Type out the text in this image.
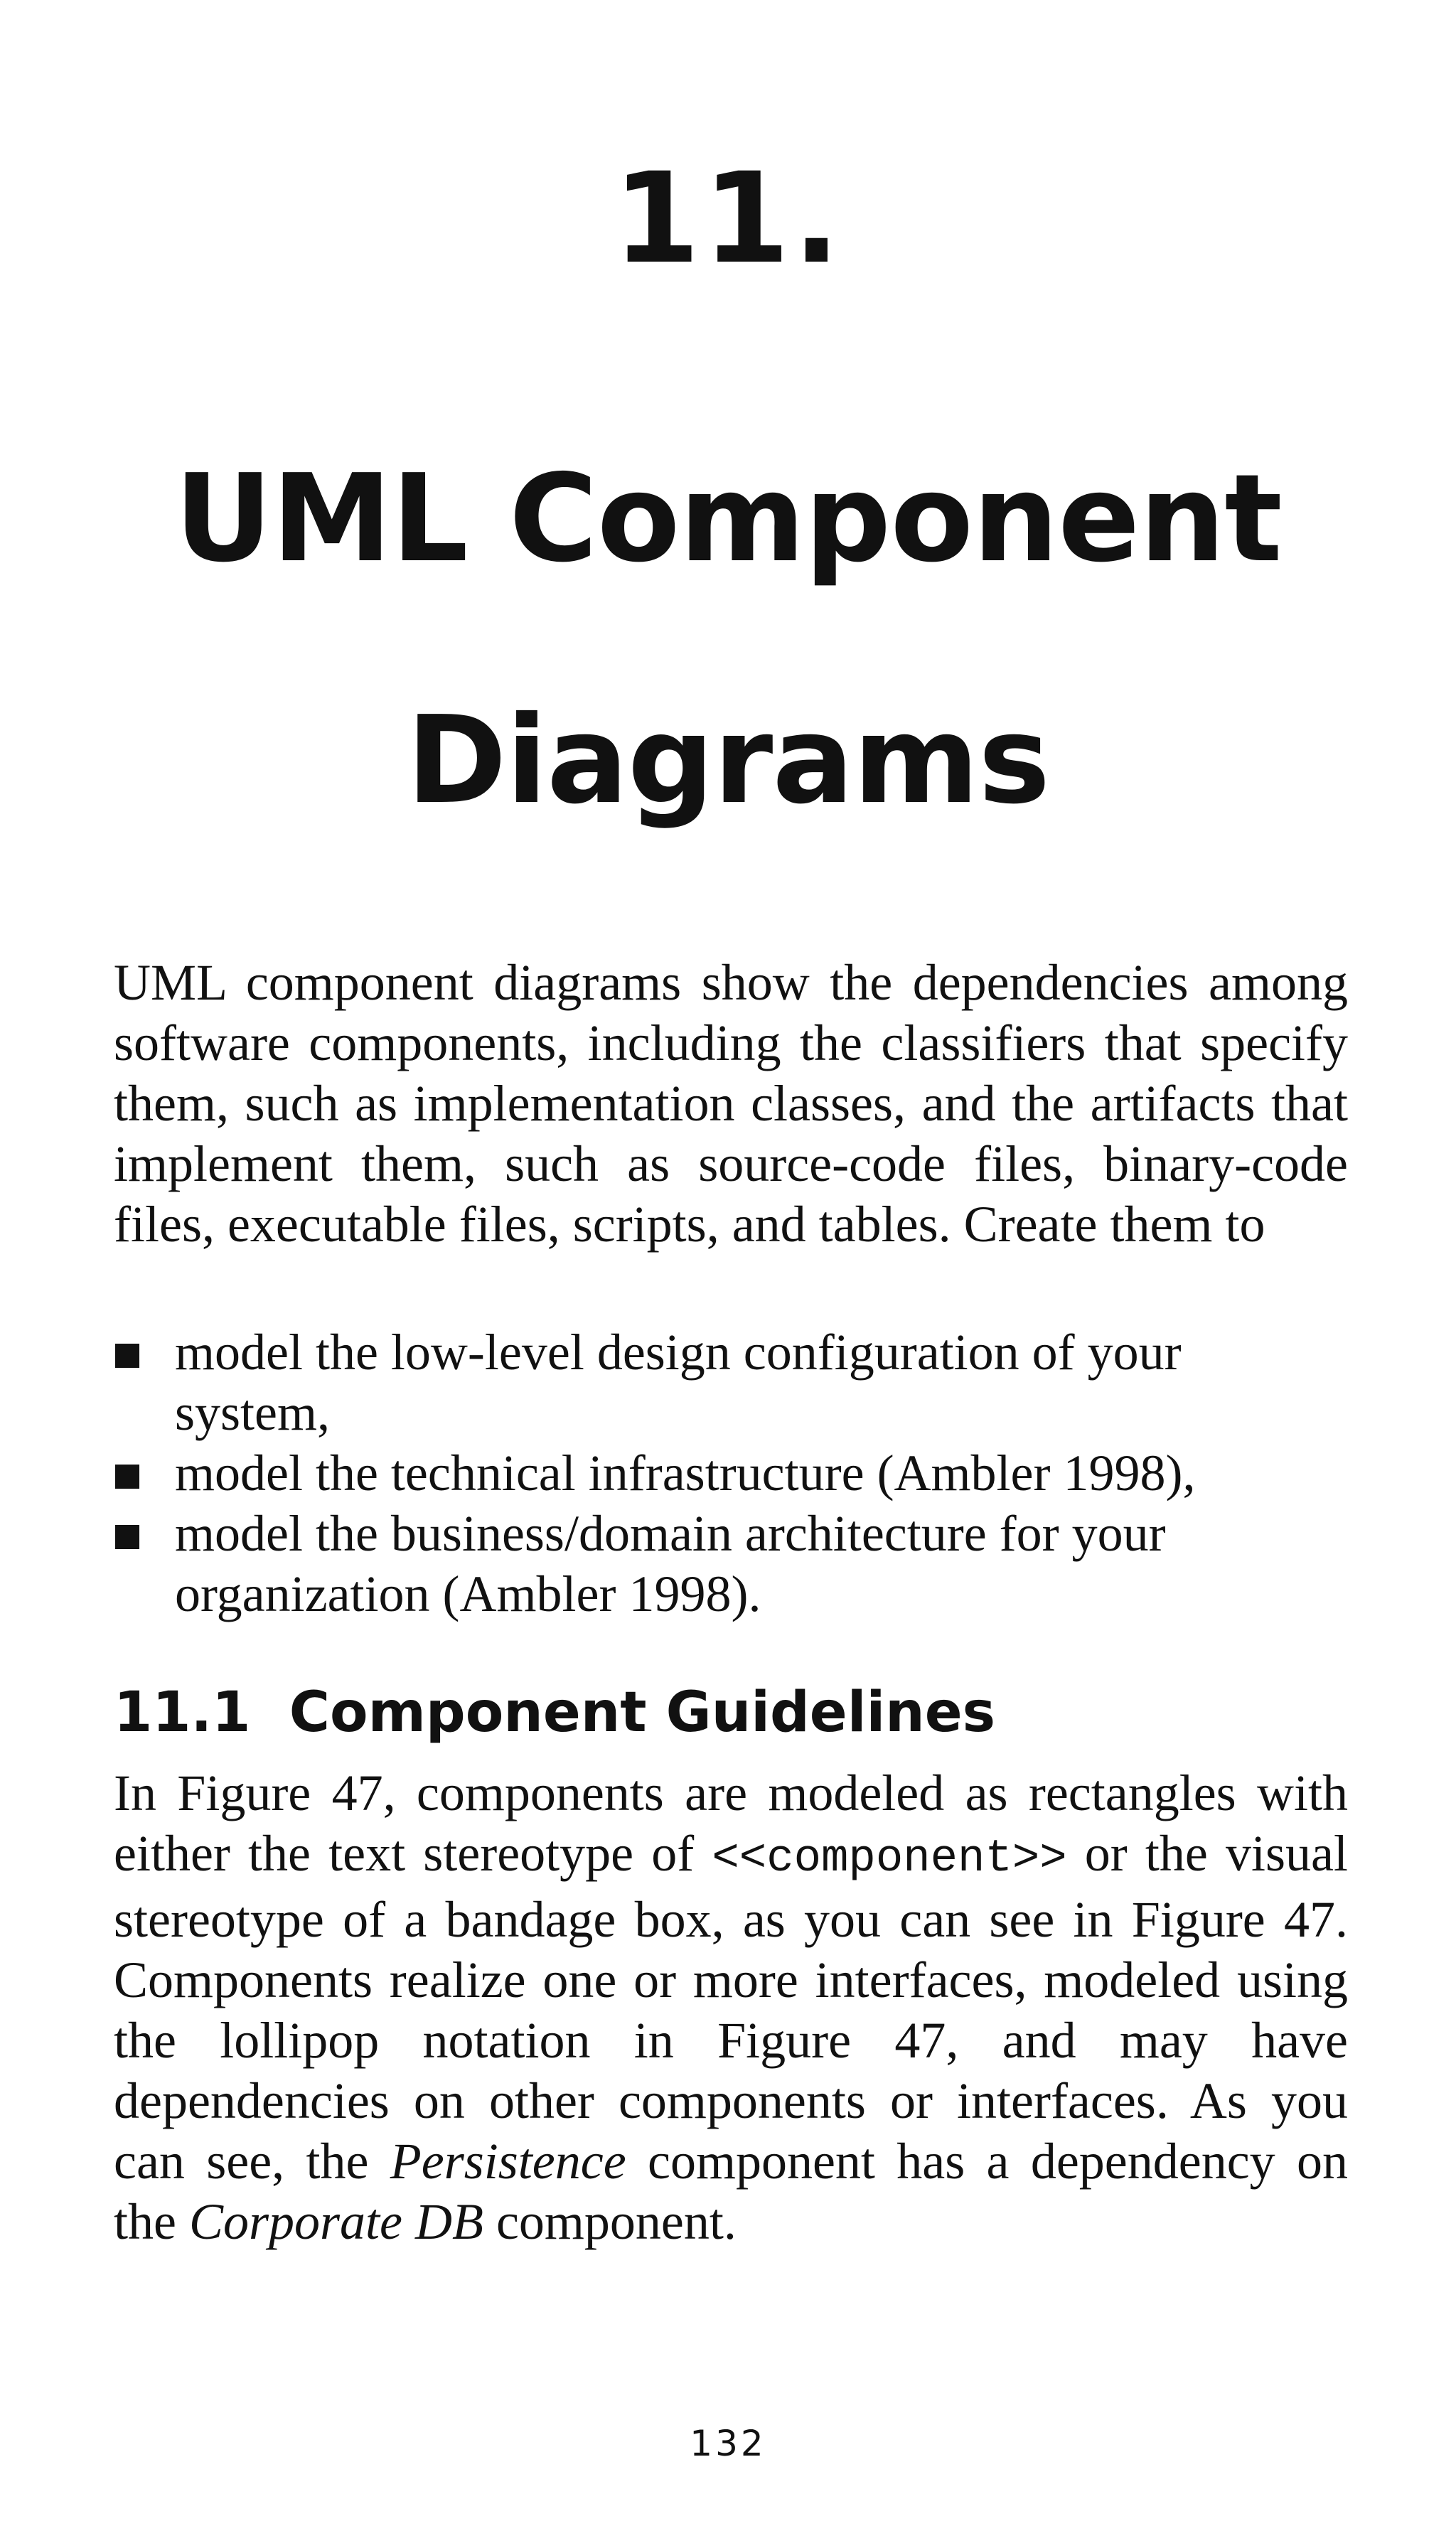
11.
UML Component
Diagrams

UML component diagrams show the dependencies among software components, including the classifiers that specify them, such as implementation classes, and the artifacts that implement them, such as source-code files, binary-code files, executable files, scripts, and tables. Create them to

model the low-level design configuration of your system,
model the technical infrastructure (Ambler 1998),
model the business/domain architecture for your organization (Ambler 1998).
11.1  Component Guidelines

In Figure 47, components are modeled as rectangles with either the text stereotype of <<component>> or the visual stereotype of a bandage box, as you can see in Figure 47. Components realize one or more interfaces, modeled using the lollipop notation in Figure 47, and may have dependencies on other components or interfaces. As you can see, the Persistence component has a dependency on the Corporate DB component.

132
